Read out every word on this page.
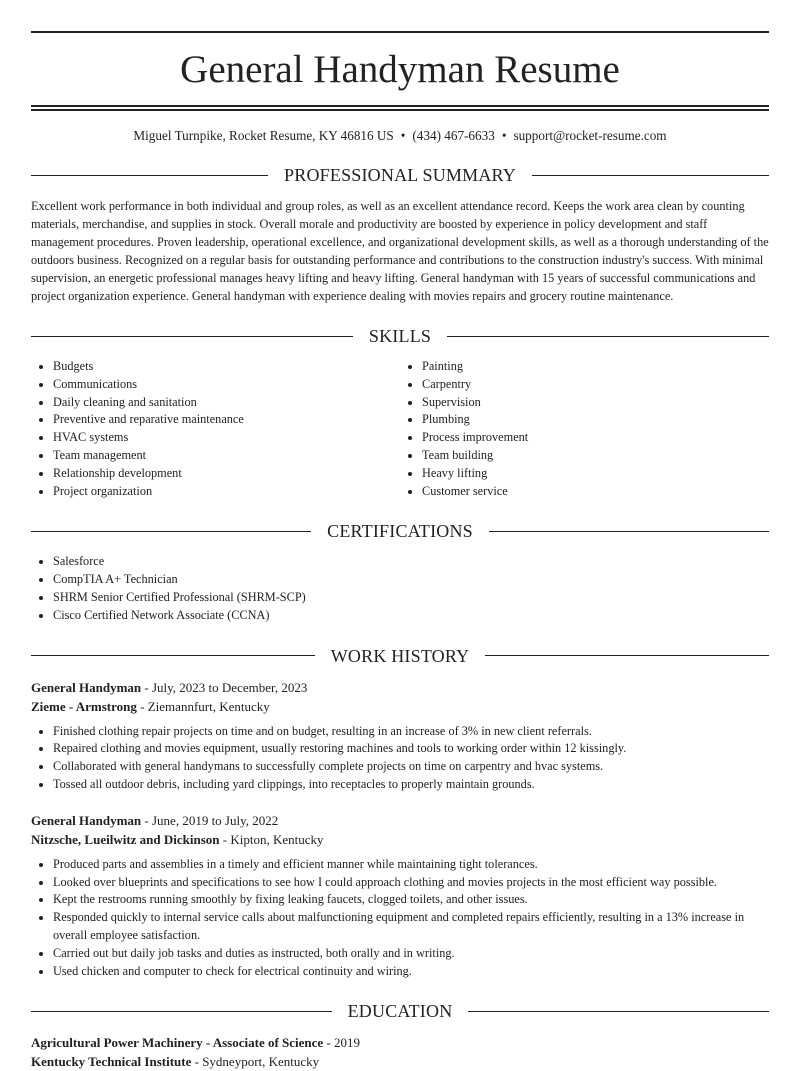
General Handyman Resume
Miguel Turnpike, Rocket Resume, KY 46816 US • (434) 467-6633 • support@rocket-resume.com
PROFESSIONAL SUMMARY

Excellent work performance in both individual and group roles, as well as an excellent attendance record. Keeps the work area clean by counting materials, merchandise, and supplies in stock. Overall morale and productivity are boosted by experience in policy development and staff management procedures. Proven leadership, operational excellence, and organizational development skills, as well as a thorough understanding of the outdoors business. Recognized on a regular basis for outstanding performance and contributions to the construction industry's success. With minimal supervision, an energetic professional manages heavy lifting and heavy lifting. General handyman with 15 years of successful communications and project organization experience. General handyman with experience dealing with movies repairs and grocery routine maintenance.

SKILLS
• Budgets
• Communications
• Daily cleaning and sanitation
• Preventive and reparative maintenance
• HVAC systems
• Team management
• Relationship development
• Project organization
• Painting
• Carpentry
• Supervision
• Plumbing
• Process improvement
• Team building
• Heavy lifting
• Customer service
CERTIFICATIONS
• Salesforce
• CompTIA A+ Technician
• SHRM Senior Certified Professional (SHRM-SCP)
• Cisco Certified Network Associate (CCNA)
WORK HISTORY
General Handyman - July, 2023 to December, 2023
Zieme - Armstrong - Ziemannfurt, Kentucky
• Finished clothing repair projects on time and on budget, resulting in an increase of 3% in new client referrals.
• Repaired clothing and movies equipment, usually restoring machines and tools to working order within 12 kissingly.
• Collaborated with general handymans to successfully complete projects on time on carpentry and hvac systems.
• Tossed all outdoor debris, including yard clippings, into receptacles to properly maintain grounds.
General Handyman - June, 2019 to July, 2022
Nitzsche, Lueilwitz and Dickinson - Kipton, Kentucky
• Produced parts and assemblies in a timely and efficient manner while maintaining tight tolerances.
• Looked over blueprints and specifications to see how I could approach clothing and movies projects in the most efficient way possible.
• Kept the restrooms running smoothly by fixing leaking faucets, clogged toilets, and other issues.
• Responded quickly to internal service calls about malfunctioning equipment and completed repairs efficiently, resulting in a 13% increase in overall employee satisfaction.
• Carried out but daily job tasks and duties as instructed, both orally and in writing.
• Used chicken and computer to check for electrical continuity and wiring.
EDUCATION
Agricultural Power Machinery - Associate of Science - 2019
Kentucky Technical Institute - Sydneyport, Kentucky
